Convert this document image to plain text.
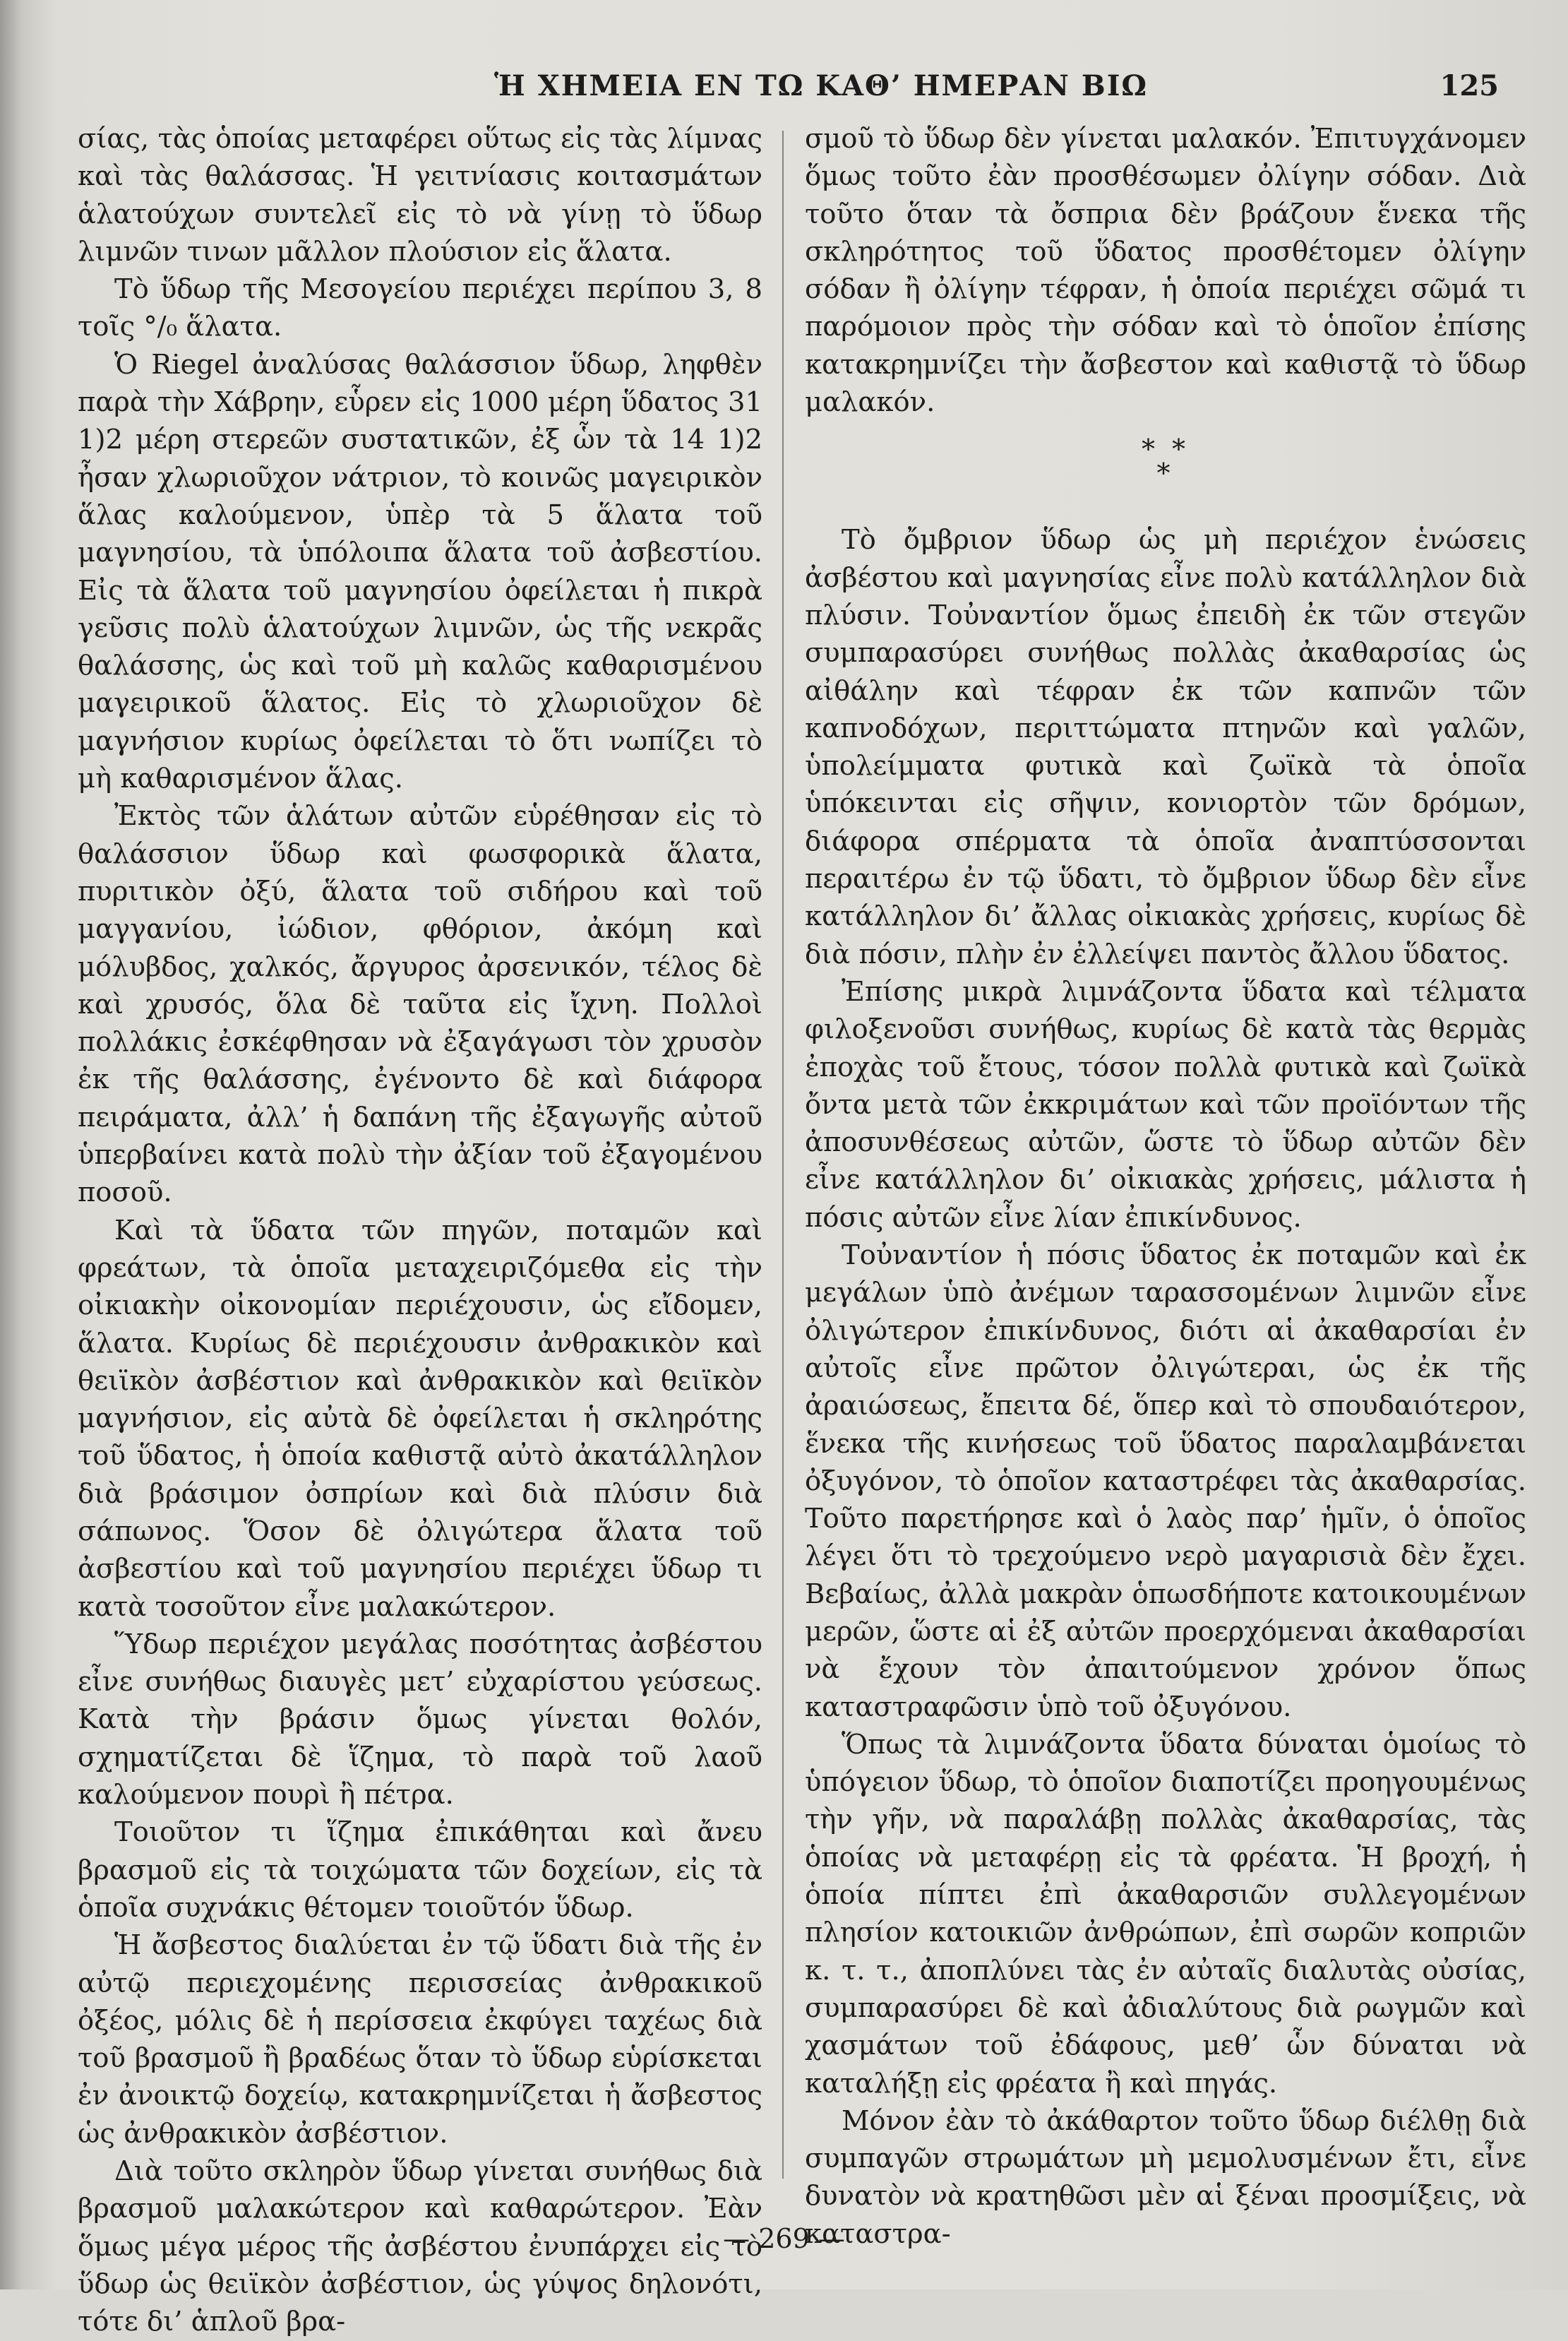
Ἡ ΧΗΜΕΙΑ ΕΝ ΤΩ ΚΑΘ’ ΗΜΕΡΑΝ ΒΙΩ	125

σίας, τὰς ὁποίας μεταφέρει οὕτως εἰς τὰς λίμνας καὶ τὰς θαλάσσας. Ἡ γειτνίασις κοιτασμάτων ἁλατούχων συντελεῖ εἰς τὸ νὰ γίνῃ τὸ ὕδωρ λιμνῶν τινων μᾶλλον πλούσιον εἰς ἅλατα.

Τὸ ὕδωρ τῆς Μεσογείου περιέχει περίπου 3, 8 τοῖς °/₀ ἅλατα.

Ὁ Riegel ἀναλύσας θαλάσσιον ὕδωρ, ληφθὲν παρὰ τὴν Χάβρην, εὗρεν εἰς 1000 μέρη ὕδατος 31 1)2 μέρη στερεῶν συστατικῶν, ἐξ ὧν τὰ 14 1)2 ἦσαν χλωριοῦχον νάτριον, τὸ κοινῶς μαγειρικὸν ἅλας καλούμενον, ὑπὲρ τὰ 5 ἅλατα τοῦ μαγνησίου, τὰ ὑπόλοιπα ἅλατα τοῦ ἀσβεστίου. Εἰς τὰ ἅλατα τοῦ μαγνησίου ὀφείλεται ἡ πικρὰ γεῦσις πολὺ ἁλατούχων λιμνῶν, ὡς τῆς νεκρᾶς θαλάσσης, ὡς καὶ τοῦ μὴ καλῶς καθαρισμένου μαγειρικοῦ ἅλατος. Εἰς τὸ χλωριοῦχον δὲ μαγνήσιον κυρίως ὀφείλεται τὸ ὅτι νωπίζει τὸ μὴ καθαρισμένον ἅλας.

Ἐκτὸς τῶν ἁλάτων αὐτῶν εὑρέθησαν εἰς τὸ θαλάσσιον ὕδωρ καὶ φωσφορικὰ ἅλατα, πυριτικὸν ὀξύ, ἅλατα τοῦ σιδήρου καὶ τοῦ μαγγανίου, ἰώδιον, φθόριον, ἀκόμη καὶ μόλυβδος, χαλκός, ἄργυρος ἀρσενικόν, τέλος δὲ καὶ χρυσός, ὅλα δὲ ταῦτα εἰς ἴχνη. Πολλοὶ πολλάκις ἐσκέφθησαν νὰ ἐξαγάγωσι τὸν χρυσὸν ἐκ τῆς θαλάσσης, ἐγένοντο δὲ καὶ διάφορα πειράματα, ἀλλ’ ἡ δαπάνη τῆς ἐξαγωγῆς αὐτοῦ ὑπερβαίνει κατὰ πολὺ τὴν ἀξίαν τοῦ ἐξαγομένου ποσοῦ.

Καὶ τὰ ὕδατα τῶν πηγῶν, ποταμῶν καὶ φρεάτων, τὰ ὁποῖα μεταχειριζόμεθα εἰς τὴν οἰκιακὴν οἰκονομίαν περιέχουσιν, ὡς εἴδομεν, ἅλατα. Κυρίως δὲ περιέχουσιν ἀνθρακικὸν καὶ θειϊκὸν ἀσβέστιον καὶ ἀνθρακικὸν καὶ θειϊκὸν μαγνήσιον, εἰς αὐτὰ δὲ ὀφείλεται ἡ σκληρότης τοῦ ὕδατος, ἡ ὁποία καθιστᾷ αὐτὸ ἀκατάλληλον διὰ βράσιμον ὀσπρίων καὶ διὰ πλύσιν διὰ σάπωνος. Ὅσον δὲ ὀλιγώτερα ἅλατα τοῦ ἀσβεστίου καὶ τοῦ μαγνησίου περιέχει ὕδωρ τι κατὰ τοσοῦτον εἶνε μαλακώτερον.

Ὕδωρ περιέχον μεγάλας ποσότητας ἀσβέστου εἶνε συνήθως διαυγὲς μετ’ εὐχαρίστου γεύσεως. Κατὰ τὴν βράσιν ὅμως γίνεται θολόν, σχηματίζεται δὲ ἵζημα, τὸ παρὰ τοῦ λαοῦ καλούμενον πουρὶ ἢ πέτρα.

Τοιοῦτον τι ἵζημα ἐπικάθηται καὶ ἄνευ βρασμοῦ εἰς τὰ τοιχώματα τῶν δοχείων, εἰς τὰ ὁποῖα συχνάκις θέτομεν τοιοῦτόν ὕδωρ.

Ἡ ἄσβεστος διαλύεται ἐν τῷ ὕδατι διὰ τῆς ἐν αὐτῷ περιεχομένης περισσείας ἀνθρακικοῦ ὀξέος, μόλις δὲ ἡ περίσσεια ἐκφύγει ταχέως διὰ τοῦ βρασμοῦ ἢ βραδέως ὅταν τὸ ὕδωρ εὑρίσκεται ἐν ἀνοικτῷ δοχείῳ, κατακρημνίζεται ἡ ἄσβεστος ὡς ἀνθρακικὸν ἀσβέστιον.

Διὰ τοῦτο σκληρὸν ὕδωρ γίνεται συνήθως διὰ βρασμοῦ μαλακώτερον καὶ καθαρώτερον. Ἐὰν ὅμως μέγα μέρος τῆς ἀσβέστου ἐνυπάρχει εἰς τὸ ὕδωρ ὡς θειϊκὸν ἀσβέστιον, ὡς γύψος δηλονότι, τότε δι’ ἁπλοῦ βρα-

σμοῦ τὸ ὕδωρ δὲν γίνεται μαλακόν. Ἐπιτυγχάνομεν ὅμως τοῦτο ἐὰν προσθέσωμεν ὀλίγην σόδαν. Διὰ τοῦτο ὅταν τὰ ὄσπρια δὲν βράζουν ἕνεκα τῆς σκληρότητος τοῦ ὕδατος προσθέτομεν ὀλίγην σόδαν ἢ ὀλίγην τέφραν, ἡ ὁποία περιέχει σῶμά τι παρόμοιον πρὸς τὴν σόδαν καὶ τὸ ὁποῖον ἐπίσης κατακρημνίζει τὴν ἄσβεστον καὶ καθιστᾷ τὸ ὕδωρ μαλακόν.

* *
*

Τὸ ὄμβριον ὕδωρ ὡς μὴ περιέχον ἑνώσεις ἀσβέστου καὶ μαγνησίας εἶνε πολὺ κατάλληλον διὰ πλύσιν. Τοὐναντίον ὅμως ἐπειδὴ ἐκ τῶν στεγῶν συμπαρασύρει συνήθως πολλὰς ἀκαθαρσίας ὡς αἰθάλην καὶ τέφραν ἐκ τῶν καπνῶν τῶν καπνοδόχων, περιττώματα πτηνῶν καὶ γαλῶν, ὑπολείμματα φυτικὰ καὶ ζωϊκὰ τὰ ὁποῖα ὑπόκεινται εἰς σῆψιν, κονιορτὸν τῶν δρόμων, διάφορα σπέρματα τὰ ὁποῖα ἀναπτύσσονται περαιτέρω ἐν τῷ ὕδατι, τὸ ὄμβριον ὕδωρ δὲν εἶνε κατάλληλον δι’ ἄλλας οἰκιακὰς χρήσεις, κυρίως δὲ διὰ πόσιν, πλὴν ἐν ἐλλείψει παντὸς ἄλλου ὕδατος.

Ἐπίσης μικρὰ λιμνάζοντα ὕδατα καὶ τέλματα φιλοξενοῦσι συνήθως, κυρίως δὲ κατὰ τὰς θερμὰς ἐποχὰς τοῦ ἔτους, τόσον πολλὰ φυτικὰ καὶ ζωϊκὰ ὄντα μετὰ τῶν ἐκκριμάτων καὶ τῶν προϊόντων τῆς ἀποσυνθέσεως αὐτῶν, ὥστε τὸ ὕδωρ αὐτῶν δὲν εἶνε κατάλληλον δι’ οἰκιακὰς χρήσεις, μάλιστα ἡ πόσις αὐτῶν εἶνε λίαν ἐπικίνδυνος.

Τοὐναντίον ἡ πόσις ὕδατος ἐκ ποταμῶν καὶ ἐκ μεγάλων ὑπὸ ἀνέμων ταρασσομένων λιμνῶν εἶνε ὀλιγώτερον ἐπικίνδυνος, διότι αἱ ἀκαθαρσίαι ἐν αὐτοῖς εἶνε πρῶτον ὀλιγώτεραι, ὡς ἐκ τῆς ἀραιώσεως, ἔπειτα δέ, ὅπερ καὶ τὸ σπουδαιότερον, ἕνεκα τῆς κινήσεως τοῦ ὕδατος παραλαμβάνεται ὀξυγόνον, τὸ ὁποῖον καταστρέφει τὰς ἀκαθαρσίας. Τοῦτο παρετήρησε καὶ ὁ λαὸς παρ’ ἡμῖν, ὁ ὁποῖος λέγει ὅτι τὸ τρεχούμενο νερὸ μαγαρισιὰ δὲν ἔχει. Βεβαίως, ἀλλὰ μακρὰν ὁπωσδήποτε κατοικουμένων μερῶν, ὥστε αἱ ἐξ αὐτῶν προερχόμεναι ἀκαθαρσίαι νὰ ἔχουν τὸν ἀπαιτούμενον χρόνον ὅπως καταστραφῶσιν ὑπὸ τοῦ ὀξυγόνου.

Ὅπως τὰ λιμνάζοντα ὕδατα δύναται ὁμοίως τὸ ὑπόγειον ὕδωρ, τὸ ὁποῖον διαποτίζει προηγουμένως τὴν γῆν, νὰ παραλάβῃ πολλὰς ἀκαθαρσίας, τὰς ὁποίας νὰ μεταφέρῃ εἰς τὰ φρέατα. Ἡ βροχή, ἡ ὁποία πίπτει ἐπὶ ἀκαθαρσιῶν συλλεγομένων πλησίον κατοικιῶν ἀνθρώπων, ἐπὶ σωρῶν κοπριῶν κ. τ. τ., ἀποπλύνει τὰς ἐν αὐταῖς διαλυτὰς οὐσίας, συμπαρασύρει δὲ καὶ ἀδιαλύτους διὰ ρωγμῶν καὶ χασμάτων τοῦ ἐδάφους, μεθ’ ὧν δύναται νὰ καταλήξῃ εἰς φρέατα ἢ καὶ πηγάς.

Μόνον ἐὰν τὸ ἀκάθαρτον τοῦτο ὕδωρ διέλθῃ διὰ συμπαγῶν στρωμάτων μὴ μεμολυσμένων ἔτι, εἶνε δυνατὸν νὰ κρατηθῶσι μὲν αἱ ξέναι προσμίξεις, νὰ καταστρα-

— 269 —
